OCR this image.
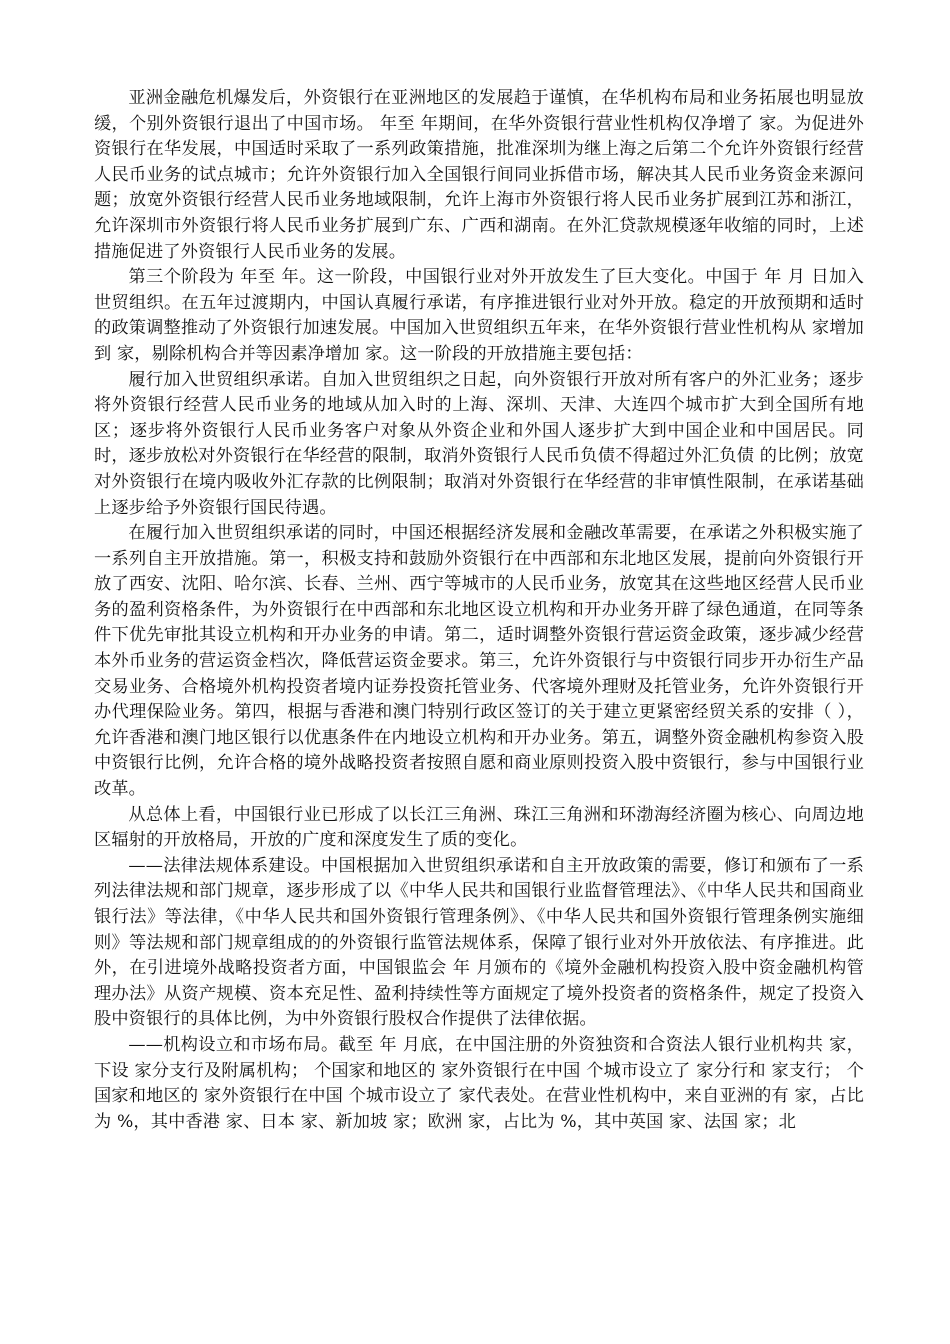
亚洲金融危机爆发后，外资银行在亚洲地区的发展趋于谨慎，在华机构布局和业务拓展也明显放缓，个别外资银行退出了中国市场。 年至 年期间，在华外资银行营业性机构仅净增了 家。为促进外资银行在华发展，中国适时采取了一系列政策措施，批准深圳为继上海之后第二个允许外资银行经营人民币业务的试点城市；允许外资银行加入全国银行间同业拆借市场，解决其人民币业务资金来源问题；放宽外资银行经营人民币业务地域限制，允许上海市外资银行将人民币业务扩展到江苏和浙江，允许深圳市外资银行将人民币业务扩展到广东、广西和湖南。在外汇贷款规模逐年收缩的同时，上述措施促进了外资银行人民币业务的发展。

第三个阶段为 年至 年。这一阶段，中国银行业对外开放发生了巨大变化。中国于 年 月 日加入世贸组织。在五年过渡期内，中国认真履行承诺，有序推进银行业对外开放。稳定的开放预期和适时的政策调整推动了外资银行加速发展。中国加入世贸组织五年来，在华外资银行营业性机构从 家增加到 家，剔除机构合并等因素净增加 家。这一阶段的开放措施主要包括：

履行加入世贸组织承诺。自加入世贸组织之日起，向外资银行开放对所有客户的外汇业务；逐步将外资银行经营人民币业务的地域从加入时的上海、深圳、天津、大连四个城市扩大到全国所有地区；逐步将外资银行人民币业务客户对象从外资企业和外国人逐步扩大到中国企业和中国居民。同时，逐步放松对外资银行在华经营的限制，取消外资银行人民币负债不得超过外汇负债 的比例；放宽对外资银行在境内吸收外汇存款的比例限制；取消对外资银行在华经营的非审慎性限制，在承诺基础上逐步给予外资银行国民待遇。

在履行加入世贸组织承诺的同时，中国还根据经济发展和金融改革需要，在承诺之外积极实施了一系列自主开放措施。第一，积极支持和鼓励外资银行在中西部和东北地区发展，提前向外资银行开放了西安、沈阳、哈尔滨、长春、兰州、西宁等城市的人民币业务，放宽其在这些地区经营人民币业务的盈利资格条件，为外资银行在中西部和东北地区设立机构和开办业务开辟了绿色通道，在同等条件下优先审批其设立机构和开办业务的申请。第二，适时调整外资银行营运资金政策，逐步减少经营本外币业务的营运资金档次，降低营运资金要求。第三，允许外资银行与中资银行同步开办衍生产品交易业务、合格境外机构投资者境内证券投资托管业务、代客境外理财及托管业务，允许外资银行开办代理保险业务。第四，根据与香港和澳门特别行政区签订的关于建立更紧密经贸关系的安排（ ），允许香港和澳门地区银行以优惠条件在内地设立机构和开办业务。第五，调整外资金融机构参资入股中资银行比例，允许合格的境外战略投资者按照自愿和商业原则投资入股中资银行，参与中国银行业改革。

从总体上看，中国银行业已形成了以长江三角洲、珠江三角洲和环渤海经济圈为核心、向周边地区辐射的开放格局，开放的广度和深度发生了质的变化。

——法律法规体系建设。中国根据加入世贸组织承诺和自主开放政策的需要，修订和颁布了一系列法律法规和部门规章，逐步形成了以《中华人民共和国银行业监督管理法》、《中华人民共和国商业银行法》等法律，《中华人民共和国外资银行管理条例》、《中华人民共和国外资银行管理条例实施细则》等法规和部门规章组成的的外资银行监管法规体系，保障了银行业对外开放依法、有序推进。此外，在引进境外战略投资者方面，中国银监会 年 月颁布的《境外金融机构投资入股中资金融机构管理办法》从资产规模、资本充足性、盈利持续性等方面规定了境外投资者的资格条件，规定了投资入股中资银行的具体比例，为中外资银行股权合作提供了法律依据。

——机构设立和市场布局。截至 年 月底，在中国注册的外资独资和合资法人银行业机构共 家，下设 家分支行及附属机构； 个国家和地区的 家外资银行在中国 个城市设立了 家分行和 家支行； 个国家和地区的 家外资银行在中国 个城市设立了 家代表处。在营业性机构中，来自亚洲的有 家，占比为 %，其中香港 家、日本 家、新加坡 家；欧洲 家，占比为 %，其中英国 家、法国 家；北
